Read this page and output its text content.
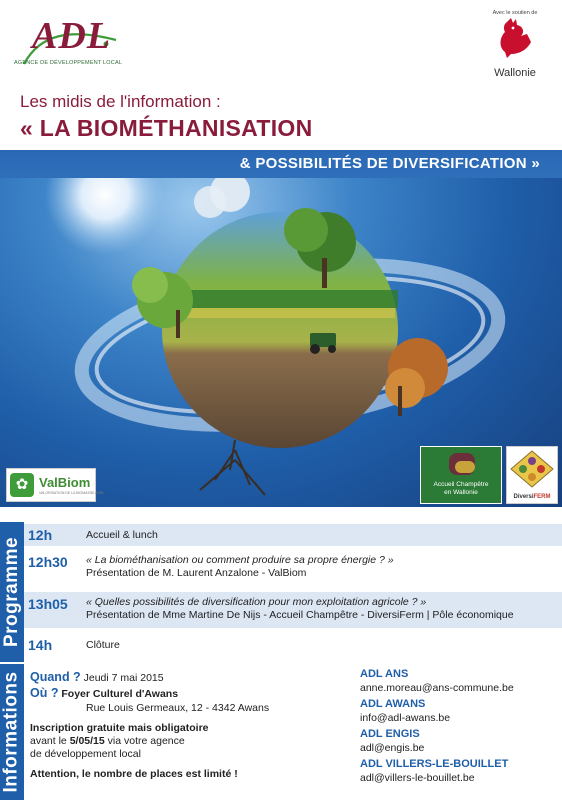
ADL
AGENCE DE DÉVELOPPEMENT LOCAL
Avec le soutien de
Wallonie
Les midis de l'information :
« LA BIOMÉTHANISATION
& POSSIBILITÉS DE DIVERSIFICATION »
✿ ValBiom
VALORISATION DE LA BIOMASSE ASBL
Accueil Champêtre
en Wallonie
DiversiFERM
Programme
12h	Accueil & lunch
12h30	« La biométhanisation ou comment produire sa propre énergie ? »
Présentation de M. Laurent Anzalone - ValBiom
13h05	« Quelles possibilités de diversification pour mon exploitation agricole ? »
Présentation de Mme Martine De Nijs - Accueil Champêtre - DiversiFerm | Pôle économique
14h	Clôture
Informations Quand ? Jeudi 7 mai 2015
Où ? Foyer Culturel d'Awans
Rue Louis Germeaux, 12 - 4342 Awans
Inscription gratuite mais obligatoire
avant le 5/05/15 via votre agence
de développement local
Attention, le nombre de places est limité !
ADL ANS
anne.moreau@ans-commune.be
ADL AWANS
info@adl-awans.be
ADL ENGIS
adl@engis.be
ADL VILLERS-LE-BOUILLET
adl@villers-le-bouillet.be
